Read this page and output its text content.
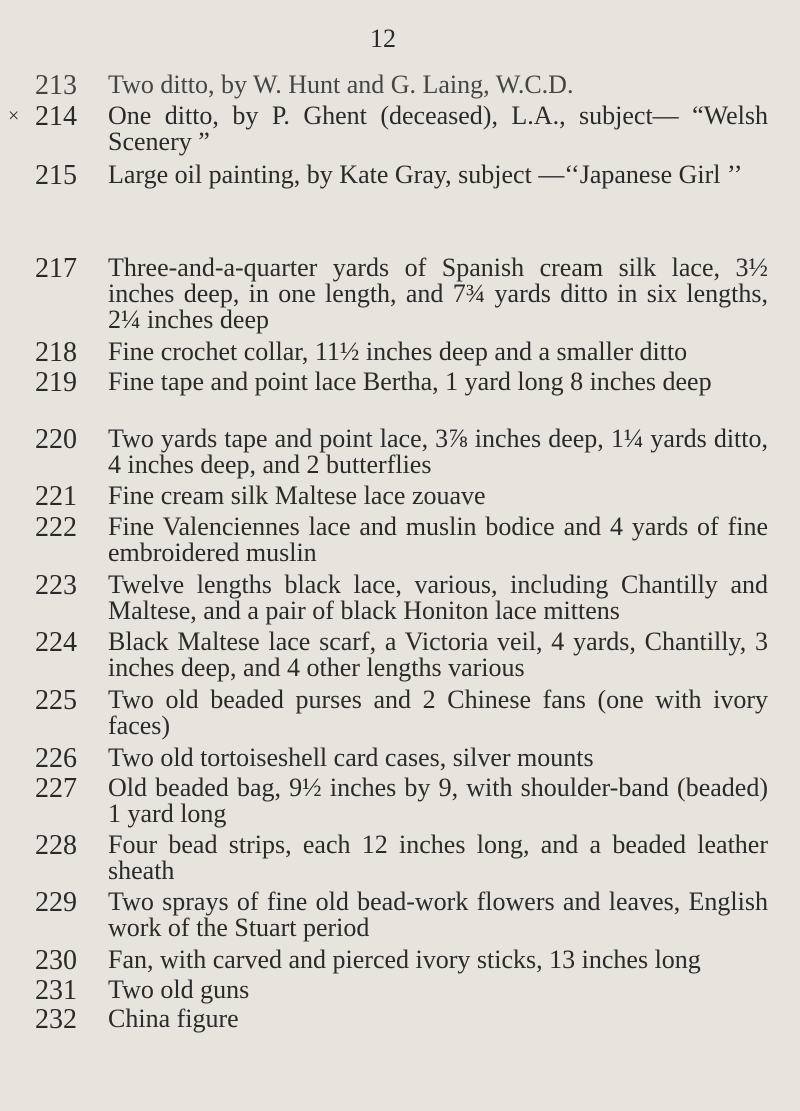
12
213	Two ditto, by W. Hunt and G. Laing, W.C.D.
× 214	One ditto, by P. Ghent (deceased), L.A., subject— “Welsh Scenery ”
215	Large oil painting, by Kate Gray, subject —‘‘Japanese Girl ’’
217	Three-and-a-quarter yards of Spanish cream silk lace, 3½ inches deep, in one length, and 7¾ yards ditto in six lengths, 2¼ inches deep
218	Fine crochet collar, 11½ inches deep and a smaller ditto
219	Fine tape and point lace Bertha, 1 yard long 8 inches deep
220	Two yards tape and point lace, 3⅞ inches deep, 1¼ yards ditto, 4 inches deep, and 2 butterflies
221	Fine cream silk Maltese lace zouave
222	Fine Valenciennes lace and muslin bodice and 4 yards of fine embroidered muslin
223	Twelve lengths black lace, various, including Chantilly and Maltese, and a pair of black Honiton lace mittens
224	Black Maltese lace scarf, a Victoria veil, 4 yards, Chantilly, 3 inches deep, and 4 other lengths various
225	Two old beaded purses and 2 Chinese fans (one with ivory faces)
226	Two old tortoiseshell card cases, silver mounts
227	Old beaded bag, 9½ inches by 9, with shoulder-band (beaded) 1 yard long
228	Four bead strips, each 12 inches long, and a beaded leather sheath
229	Two sprays of fine old bead-work flowers and leaves, English work of the Stuart period
230	Fan, with carved and pierced ivory sticks, 13 inches long
231	Two old guns
232	China figure
